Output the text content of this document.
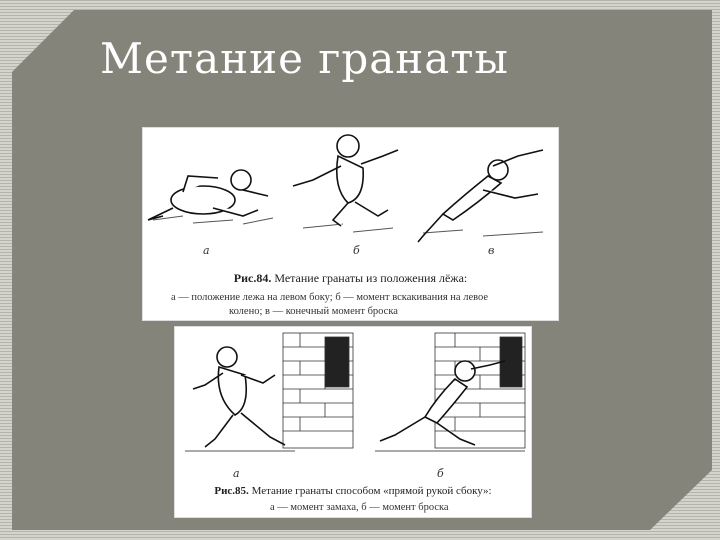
Метание гранаты
а	б	в
Рис.84. Метание гранаты из положения лёжа:
а — положение лежа на левом боку; б — момент вскакивания на левое
колено; в — конечный момент броска
а	б
Рис.85. Метание гранаты способом «прямой рукой сбоку»:
а — момент замаха, б — момент броска
